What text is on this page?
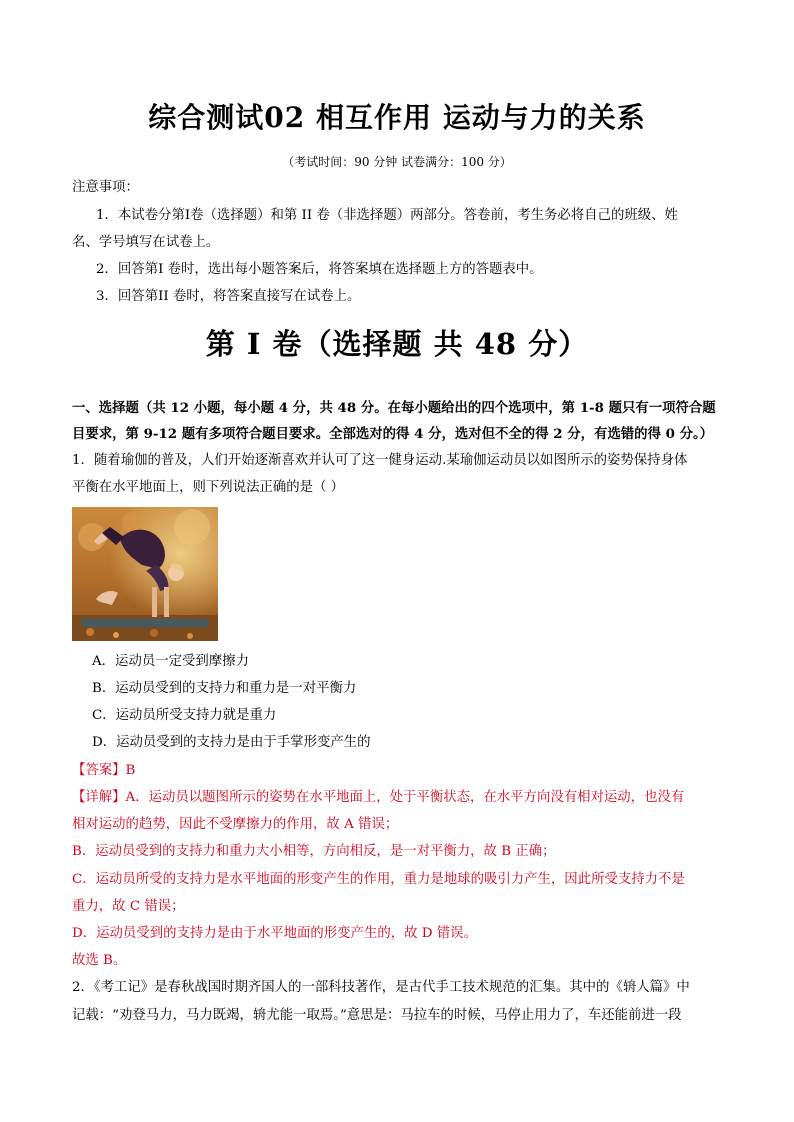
综合测试02 相互作用 运动与力的关系
（考试时间：90 分钟 试卷满分：100 分）
注意事项：
1．本试卷分第I卷（选择题）和第 II 卷（非选择题）两部分。答卷前，考生务必将自己的班级、姓
名、学号填写在试卷上。
2．回答第I 卷时，选出每小题答案后，将答案填在选择题上方的答题表中。
3．回答第II 卷时，将答案直接写在试卷上。
第 I 卷（选择题 共 48 分）
一、选择题（共 12 小题，每小题 4 分，共 48 分。在每小题给出的四个选项中，第 1-8 题只有一项符合题
目要求，第 9-12 题有多项符合题目要求。全部选对的得 4 分，选对但不全的得 2 分，有选错的得 0 分。）
1．随着瑜伽的普及，人们开始逐渐喜欢并认可了这一健身运动.某瑜伽运动员以如图所示的姿势保持身体
平衡在水平地面上，则下列说法正确的是（ ）
A．运动员一定受到摩擦力
B．运动员受到的支持力和重力是一对平衡力
C．运动员所受支持力就是重力
D．运动员受到的支持力是由于手掌形变产生的
【答案】B
【详解】A．运动员以题图所示的姿势在水平地面上，处于平衡状态，在水平方向没有相对运动，也没有
相对运动的趋势，因此不受摩擦力的作用，故 A 错误；
B．运动员受到的支持力和重力大小相等，方向相反，是一对平衡力，故 B 正确；
C．运动员所受的支持力是水平地面的形变产生的作用，重力是地球的吸引力产生，因此所受支持力不是
重力，故 C 错误；
D．运动员受到的支持力是由于水平地面的形变产生的，故 D 错误。
故选 B。
2．《考工记》是春秋战国时期齐国人的一部科技著作，是古代手工技术规范的汇集。其中的《辀人篇》中
记载：“劝登马力，马力既竭，辀尤能一取焉。”意思是：马拉车的时候，马停止用力了，车还能前进一段
